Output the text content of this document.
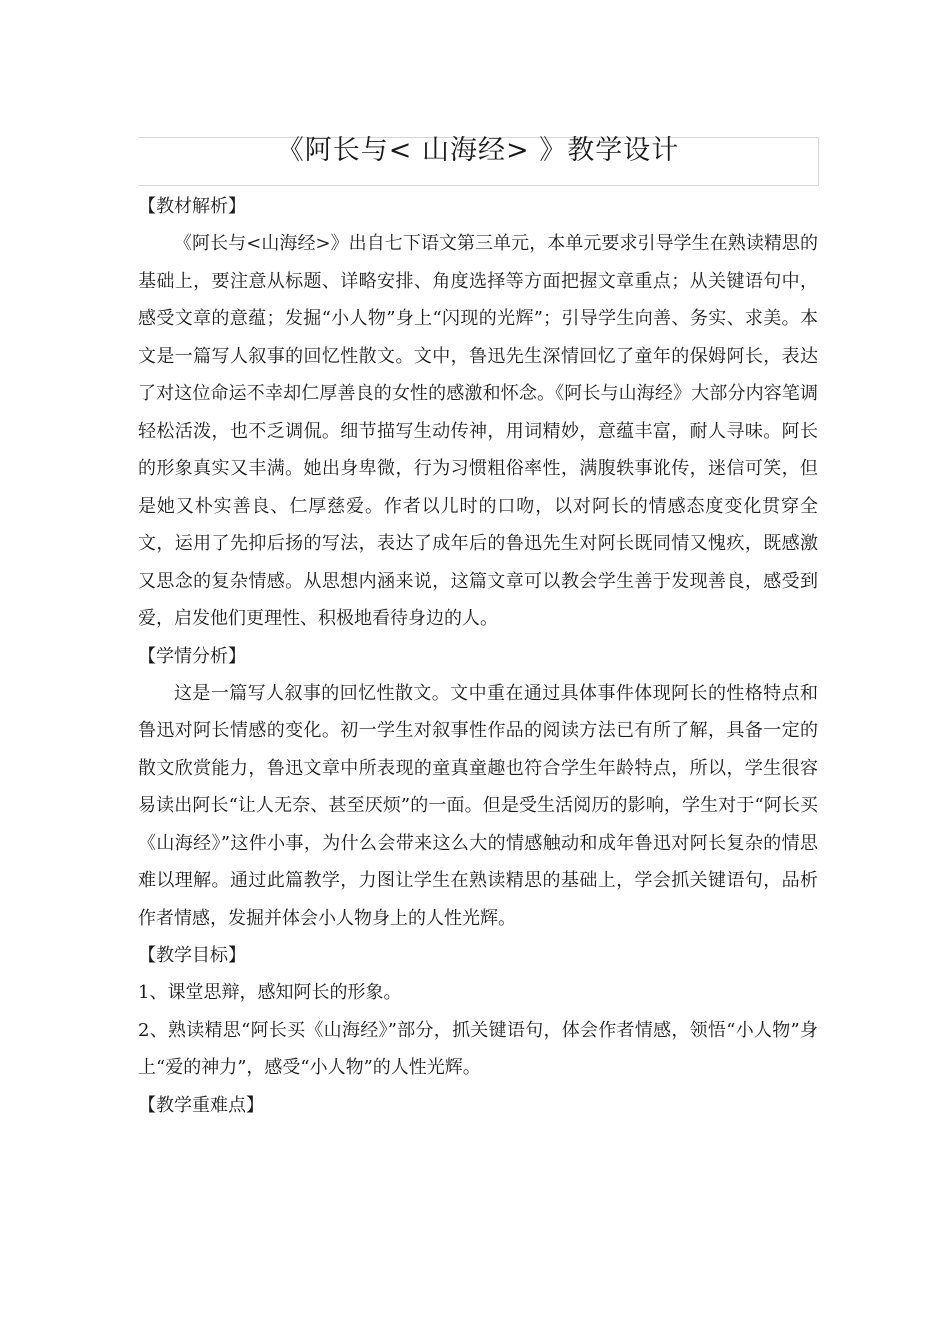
《阿长与< 山海经> 》教学设计
【教材解析】
《阿长与<山海经>》出自七下语文第三单元，本单元要求引导学生在熟读精思的基础上，要注意从标题、详略安排、角度选择等方面把握文章重点；从关键语句中，感受文章的意蕴；发掘“小人物”身上“闪现的光辉”；引导学生向善、务实、求美。本文是一篇写人叙事的回忆性散文。文中，鲁迅先生深情回忆了童年的保姆阿长，表达了对这位命运不幸却仁厚善良的女性的感激和怀念。《阿长与山海经》大部分内容笔调轻松活泼，也不乏调侃。细节描写生动传神，用词精妙，意蕴丰富，耐人寻味。阿长的形象真实又丰满。她出身卑微，行为习惯粗俗率性，满腹轶事讹传，迷信可笑，但是她又朴实善良、仁厚慈爱。作者以儿时的口吻，以对阿长的情感态度变化贯穿全文，运用了先抑后扬的写法，表达了成年后的鲁迅先生对阿长既同情又愧疚，既感激又思念的复杂情感。从思想内涵来说，这篇文章可以教会学生善于发现善良，感受到爱，启发他们更理性、积极地看待身边的人。
【学情分析】
这是一篇写人叙事的回忆性散文。文中重在通过具体事件体现阿长的性格特点和鲁迅对阿长情感的变化。初一学生对叙事性作品的阅读方法已有所了解，具备一定的散文欣赏能力，鲁迅文章中所表现的童真童趣也符合学生年龄特点，所以，学生很容易读出阿长“让人无奈、甚至厌烦”的一面。但是受生活阅历的影响，学生对于“阿长买《山海经》”这件小事，为什么会带来这么大的情感触动和成年鲁迅对阿长复杂的情思难以理解。通过此篇教学，力图让学生在熟读精思的基础上，学会抓关键语句，品析作者情感，发掘并体会小人物身上的人性光辉。
【教学目标】
1、课堂思辩，感知阿长的形象。
2、熟读精思“阿长买《山海经》”部分，抓关键语句，体会作者情感，领悟“小人物”身上“爱的神力”，感受“小人物”的人性光辉。
【教学重难点】
